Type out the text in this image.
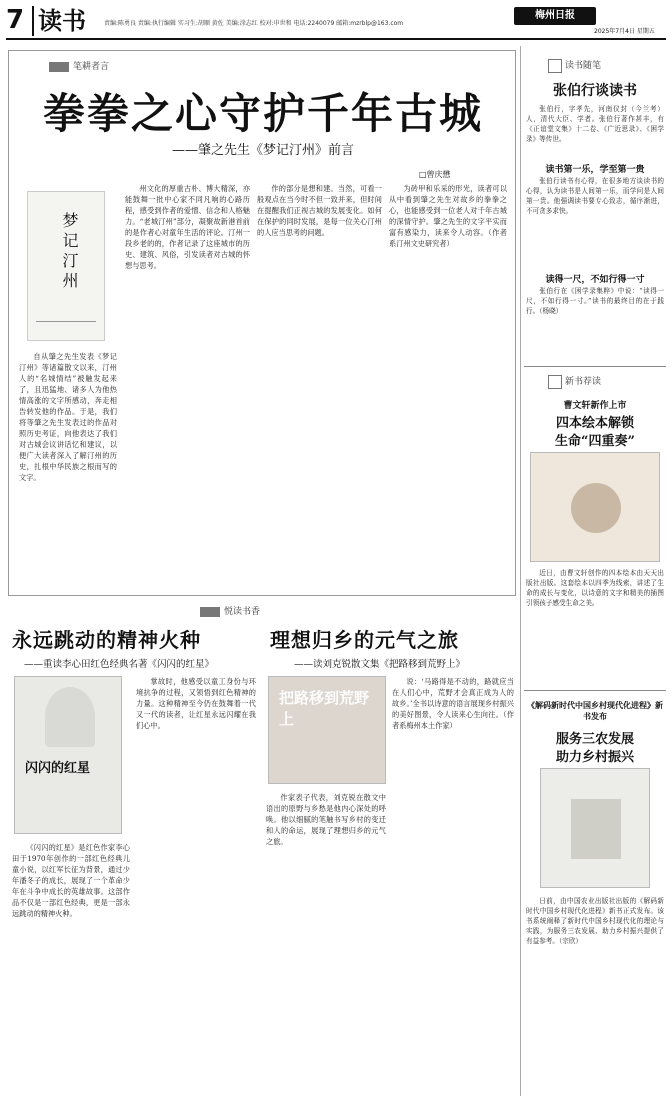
7 读书	责编:陈勇良 责编:执行编辑 实习生:胡顺 黄佐 美编:涂志红 校对:申世和 电话:2240079 邮箱:mzrblp@163.com
梅州日报
2025年7月4日 星期五
笔耕者言
拳拳之心守护千年古城
——肇之先生《梦记汀州》前言
□曾庆懋
梦记汀州

自从肇之先生发表《梦记汀州》等诸篇散文以来，汀州人的“名城情结”被触发起来了，且迅猛地、诸多人为他热情高涨的文字所感动，奔走相告转发他的作品。于是，我们将等肇之先生发表过的作品对照历史考证，向他表达了我们对古城会议讲话忆和建议，以便广大读者深入了解汀州的历史，扎根中华民族之根而写的文字。

州文化的厚重古朴、博大精深，亦能鼓舞一批中心家不同凡响的心路历程，感受到作者的爱憎、信念和人格魅力。“老城汀州”部分，凝聚故新港首前的是作者心对童年生活的评论。汀州一段乡老的的，作者记录了这座城市的历史、建筑、风俗，引发读者对古城的怀想与思考。

作的部分是想和建。当然，可看一般观点在当今时不但一致并来，但时间在提醒我们正视古城的发展变化。如何在保护的同时发展，是每一位关心汀州的人应当思考的问题。

为砖甲和乐采的形光，读者可以从中看到肇之先生对故乡的拳拳之心，也能感受到一位老人对千年古城的深情守护。肇之先生的文字平实而富有感染力，读来令人动容。（作者系汀州文史研究者）

悦读书香
永远跳动的精神火种
——重读李心田红色经典名著《闪闪的红星》
闪闪的红星

《闪闪的红星》是红色作家李心田于1970年创作的一部红色经典儿童小说，以红军长征为背景，通过少年潘冬子的成长，展现了一个革命少年在斗争中成长的英雄故事。这部作品不仅是一部红色经典，更是一部永远跳动的精神火种。

掌故时，他感受以童工身份与环境抗争的过程，又领悟到红色精神的力量。这种精神至今仍在鼓舞着一代又一代的读者，让红星永远闪耀在我们心中。

理想归乡的元气之旅
——读刘克锐散文集《把路移到荒野上》
把路移到荒野上

作家表子代表，刘克锐在散文中语出的原野与乡愁是他内心深处的呼唤。他以细腻的笔触书写乡村的变迁和人的命运，展现了理想归乡的元气之旅。

说：‘马路得是不动的，路就应当在人们心中，荒野才会真正成为人的故乡。’全书以诗意的语言展现乡村振兴的美好图景，令人读来心生向往。（作者系梅州本土作家）

读书随笔
张伯行谈读书

张伯行，字孝先，河南仪封（今兰考）人，清代大臣、学者。张伯行著作甚丰，有《正谊堂文集》十二卷、《广近思录》、《困学录》等传世。

读书第一乐，学至第一贵

张伯行读书有心得，在很多地方谈读书的心得，认为读书是人间第一乐，而学问是人间第一贵。他强调读书要专心致志，循序渐进，不可贪多求快。

读得一尺，不如行得一寸

张伯行在《困学录集粹》中说：“读得一尺，不如行得一寸。”读书的最终目的在于践行。（杨晓）

新书荐读
曹文轩新作上市
四本绘本解锁
生命“四重奏”

近日，由曹文轩创作的四本绘本由天天出版社出版。这套绘本以四季为线索，讲述了生命的成长与变化，以诗意的文字和精美的插图引领孩子感受生命之美。

《解码新时代中国乡村现代化进程》新书发布
服务三农发展
助力乡村振兴

日前，由中国农业出版社出版的《解码新时代中国乡村现代化进程》新书正式发布。该书系统阐释了新时代中国乡村现代化的理论与实践，为服务三农发展、助力乡村振兴提供了有益参考。（宗欣）
